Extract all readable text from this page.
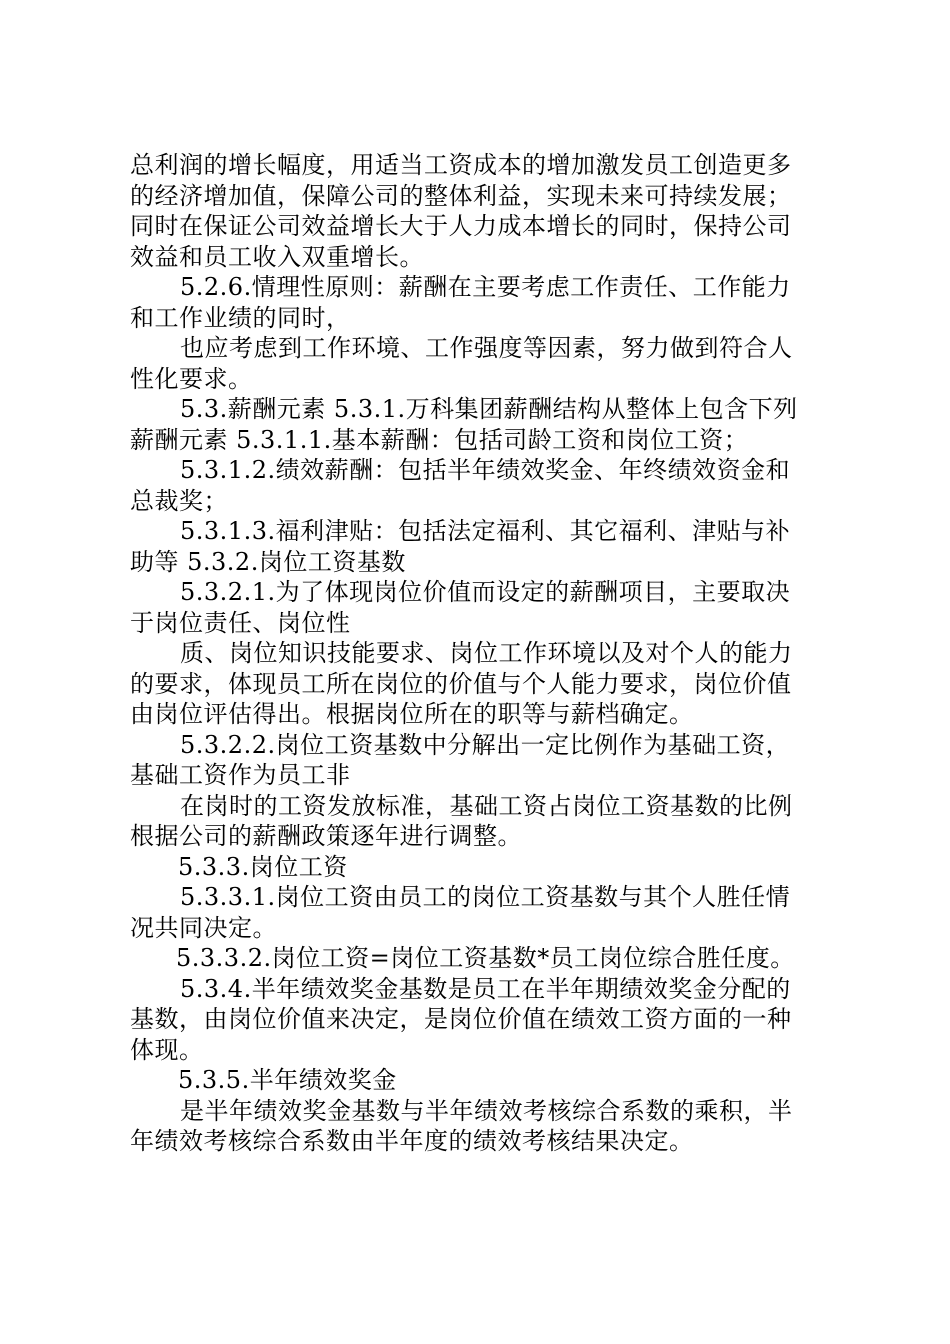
总利润的增长幅度，用适当工资成本的增加激发员工创造更多
的经济增加值，保障公司的整体利益，实现未来可持续发展；
同时在保证公司效益增长大于人力成本增长的同时，保持公司
效益和员工收入双重增长。
5.2.6.情理性原则：薪酬在主要考虑工作责任、工作能力
和工作业绩的同时，
也应考虑到工作环境、工作强度等因素，努力做到符合人
性化要求。
5.3.薪酬元素 5.3.1.万科集团薪酬结构从整体上包含下列
薪酬元素 5.3.1.1.基本薪酬：包括司龄工资和岗位工资；
5.3.1.2.绩效薪酬：包括半年绩效奖金、年终绩效资金和
总裁奖；
5.3.1.3.福利津贴：包括法定福利、其它福利、津贴与补
助等 5.3.2.岗位工资基数
5.3.2.1.为了体现岗位价值而设定的薪酬项目，主要取决
于岗位责任、岗位性
质、岗位知识技能要求、岗位工作环境以及对个人的能力
的要求，体现员工所在岗位的价值与个人能力要求，岗位价值
由岗位评估得出。根据岗位所在的职等与薪档确定。
5.3.2.2.岗位工资基数中分解出一定比例作为基础工资，
基础工资作为员工非
在岗时的工资发放标准，基础工资占岗位工资基数的比例
根据公司的薪酬政策逐年进行调整。
5.3.3.岗位工资
5.3.3.1.岗位工资由员工的岗位工资基数与其个人胜任情
况共同决定。
5.3.3.2.岗位工资=岗位工资基数*员工岗位综合胜任度。
5.3.4.半年绩效奖金基数是员工在半年期绩效奖金分配的
基数，由岗位价值来决定，是岗位价值在绩效工资方面的一种
体现。
5.3.5.半年绩效奖金
是半年绩效奖金基数与半年绩效考核综合系数的乘积，半
年绩效考核综合系数由半年度的绩效考核结果决定。
